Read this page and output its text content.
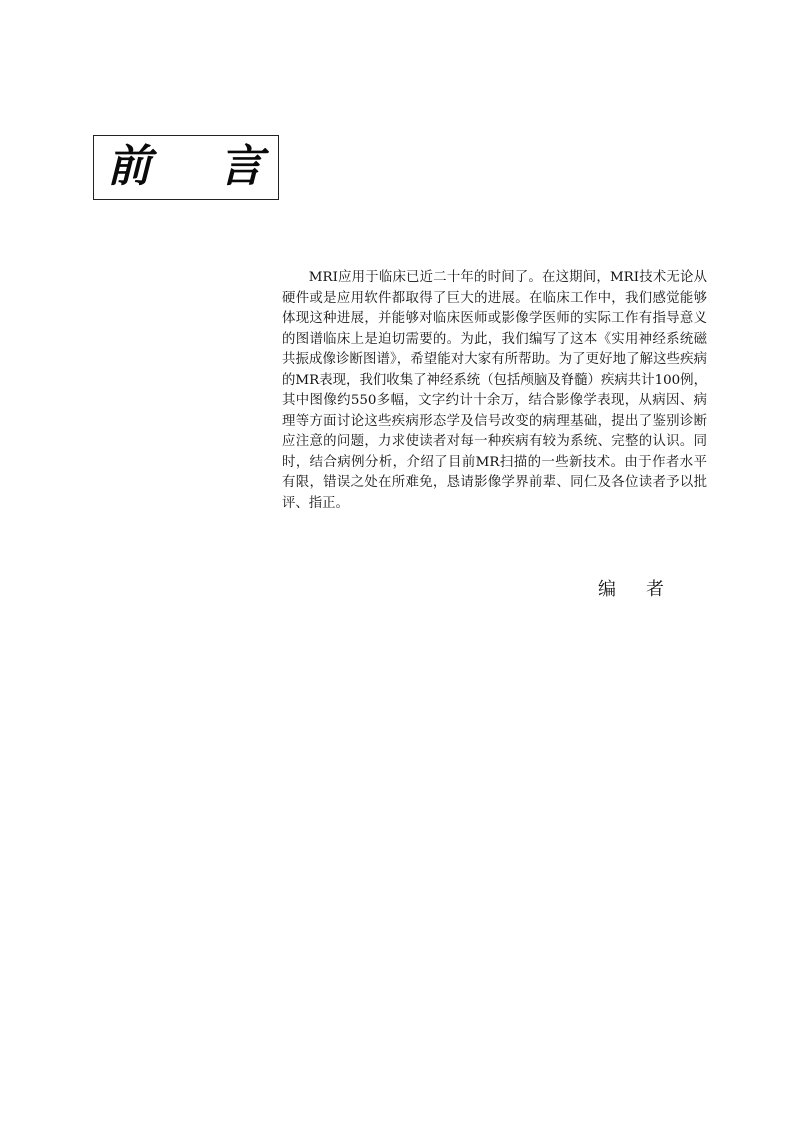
前 言

MRI应用于临床已近二十年的时间了。在这期间，MRI技术无论从硬件或是应用软件都取得了巨大的进展。在临床工作中，我们感觉能够体现这种进展，并能够对临床医师或影像学医师的实际工作有指导意义的图谱临床上是迫切需要的。为此，我们编写了这本《实用神经系统磁共振成像诊断图谱》，希望能对大家有所帮助。为了更好地了解这些疾病的MR表现，我们收集了神经系统（包括颅脑及脊髓）疾病共计100例，其中图像约550多幅，文字约计十余万，结合影像学表现，从病因、病理等方面讨论这些疾病形态学及信号改变的病理基础，提出了鉴别诊断应注意的问题，力求使读者对每一种疾病有较为系统、完整的认识。同时，结合病例分析，介绍了目前MR扫描的一些新技术。由于作者水平有限，错误之处在所难免，恳请影像学界前辈、同仁及各位读者予以批评、指正。

编者
